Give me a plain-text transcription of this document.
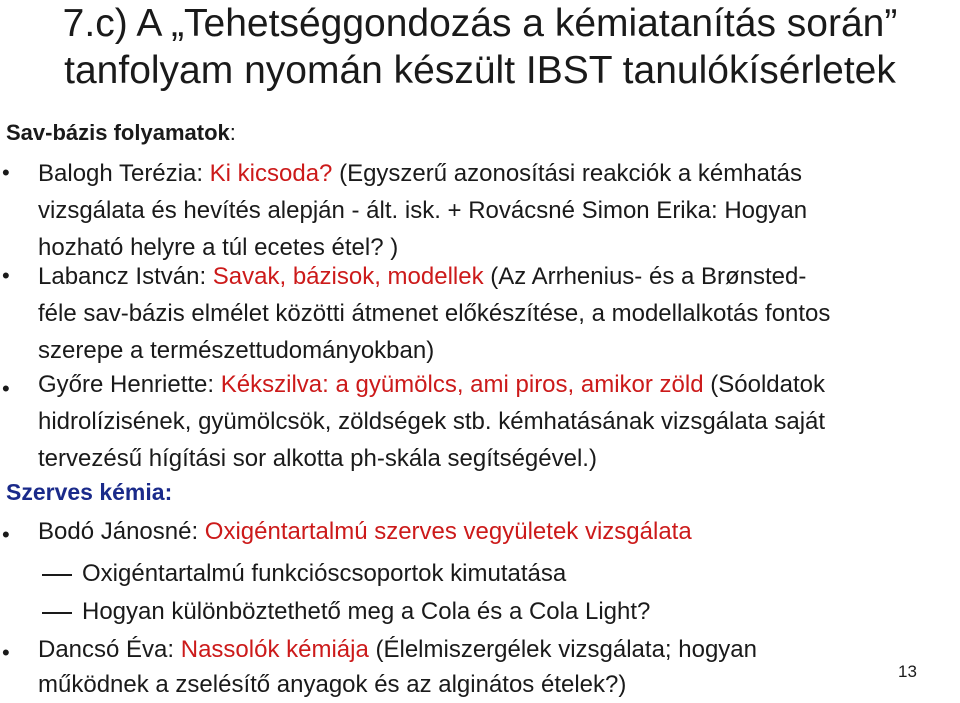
7.c) A „Tehetséggondozás a kémiatanítás során”
tanfolyam nyomán készült IBST tanulókísérletek
Sav-bázis folyamatok:
• Balogh Terézia: Ki kicsoda? (Egyszerű azonosítási reakciók a kémhatás
vizsgálata és hevítés alepján - ált. isk. + Rovácsné Simon Erika: Hogyan
hozható helyre a túl ecetes étel? )
• Labancz István: Savak, bázisok, modellek (Az Arrhenius- és a Brønsted-
féle sav-bázis elmélet közötti átmenet előkészítése, a modellalkotás fontos
szerepe a természettudományokban)
• Győre Henriette: Kékszilva: a gyümölcs, ami piros, amikor zöld (Sóoldatok
hidrolízisének, gyümölcsök, zöldségek stb. kémhatásának vizsgálata saját
tervezésű hígítási sor alkotta ph-skála segítségével.)
Szerves kémia:
• Bodó Jánosné: Oxigéntartalmú szerves vegyületek vizsgálata
Oxigéntartalmú funkcióscsoportok kimutatása
Hogyan különböztethető meg a Cola és a Cola Light?
• Dancsó Éva: Nassolók kémiája (Élelmiszergélek vizsgálata; hogyan
működnek a zselésítő anyagok és az alginátos ételek?)	13
